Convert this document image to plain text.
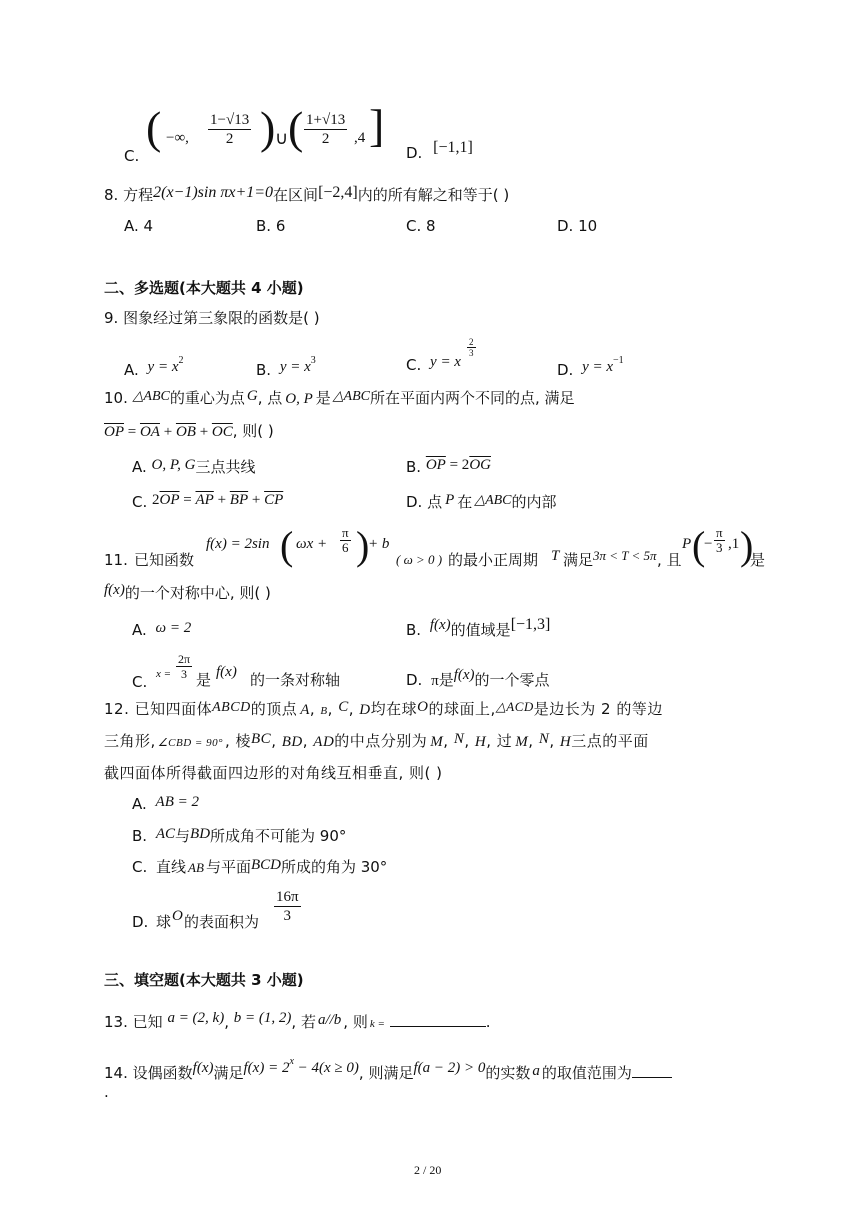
C.
( −∞, $\frac{1-√13}{2}$ ) ∪ ( $\frac{1+√13}{2} ,4$ ]
D. [−1,1]
8. 方程2(x−1)sin πx+1=0在区间[−2,4]内的所有解之和等于( )
A. 4	B. 6	C. 8	D. 10
二、多选题(本大题共 4 小题)
9. 图象经过第三象限的函数是( )
A. $y = x^2$
B. $y = x^3$	C. y = x
$\frac{2}{3}$
D. $y = x^{-1}$
10. △ABC的重心为点 G, 点 O, P 是 △ABC所在平面内两个不同的点, 满足
$\overline{OP} = \overline{OA} + \overline{OB} + \overline{OC}$, 则( )
A. O, P, G三点共线	B. $\overline{OP} = 2\overline{OG}$
C. $2\overline{OP} = \overline{AP} + \overline{BP} + \overline{CP}$	D. 点 P 在 △ABC的内部
11. 已知函数
f(x) = 2sin ( $\omega x + \frac{\pi}{6}$ )
+ b
( ω > 0 ) 的最小正周期 T 满足 3π < T < 5π , 且
P (
− $\frac{\pi}{3} ,1$ )
是
f(x)的一个对称中心, 则( )
A. ω = 2	B. f(x)的值域是[−1,3]
C. $x = \frac{2\pi}{3}$ 是 f(x) 的一条对称轴	D. π是f(x)的一个零点
12. 已知四面体ABCD的顶点 A, B, C, D均在球O的球面上,△ACD是边长为 2 的等边
三角形, ∠CBD = 90° , 棱BC, BD, AD的中点分别为 M, N, H, 过 M, N, H三点的平面
截四面体所得截面四边形的对角线互相垂直, 则( )
A. AB = 2
B. AC与BD所成角不可能为 90°
C. 直线 AB 与平面BCD所成的角为 30°
D. 球 O 的表面积为 $\frac{16\pi}{3}$
三、填空题(本大题共 3 小题)
13. 已知 a = (2, k), b = (1, 2), 若 a//b , 则 k =	.
14. 设偶函数f(x)满足$f(x) = 2^x - 4(x \ge 0)$, 则满足f(a − 2) > 0的实数 a 的取值范围为
.
2 / 20
